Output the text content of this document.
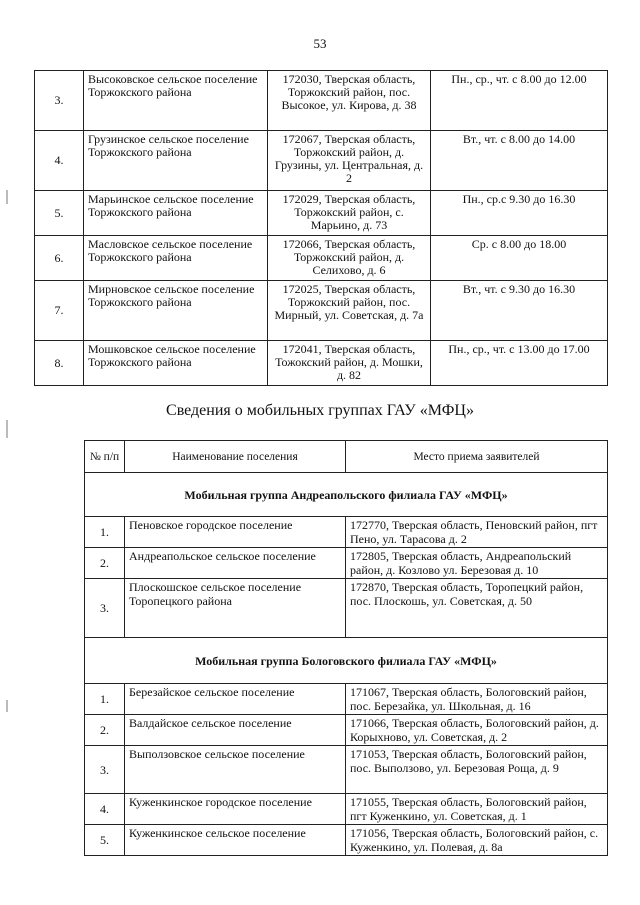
53
3.	Высоковское сельское поселение Торжокского района	172030, Тверская область, Торжокский район, пос. Высокое, ул. Кирова, д. 38	Пн., ср., чт. с 8.00 до 12.00
4.	Грузинское сельское поселение Торжокского района	172067, Тверская область, Торжокский район, д. Грузины, ул. Центральная, д. 2	Вт., чт. с 8.00 до 14.00
5.	Марьинское сельское поселение Торжокского района	172029, Тверская область, Торжокский район, с. Марьино, д. 73	Пн., ср.с 9.30 до 16.30
6.	Масловское сельское поселение Торжокского района	172066, Тверская область, Торжокский район, д. Селихово, д. 6	Ср. с 8.00 до 18.00
7.	Мирновское сельское поселение Торжокского района	172025, Тверская область, Торжокский район, пос. Мирный, ул. Советская, д. 7а	Вт., чт. с 9.30 до 16.30
8.	Мошковское сельское поселение Торжокского района	172041, Тверская область, Тожокский район, д. Мошки, д. 82	Пн., ср., чт. с 13.00 до 17.00
Сведения о мобильных группах ГАУ «МФЦ»
№ п/п	Наименование поселения	Место приема заявителей
Мобильная группа Андреапольского филиала ГАУ «МФЦ»		
1.	Пеновское городское поселение	172770, Тверская область, Пеновский район, пгт Пено, ул. Тарасова д. 2
2.	Андреапольское сельское поселение	172805, Тверская область, Андреапольский район, д. Козлово ул. Березовая д. 10
3.	Плоскошское сельское поселение Торопецкого района	172870, Тверская область, Торопецкий район, пос. Плоскошь, ул. Советская, д. 50
Мобильная группа Бологовского филиала ГАУ «МФЦ»		
1.	Березайское сельское поселение	171067, Тверская область, Бологовский район, пос. Березайка, ул. Школьная, д. 16
2.	Валдайское сельское поселение	171066, Тверская область, Бологовский район, д. Корыхново, ул. Советская, д. 2
3.	Выползовское сельское поселение	171053, Тверская область, Бологовский район, пос. Выползово, ул. Березовая Роща, д. 9
4.	Куженкинское городское поселение	171055, Тверская область, Бологовский район, пгт Куженкино, ул. Советская, д. 1
5.	Куженкинское сельское поселение	171056, Тверская область, Бологовский район, с. Куженкино, ул. Полевая, д. 8а
